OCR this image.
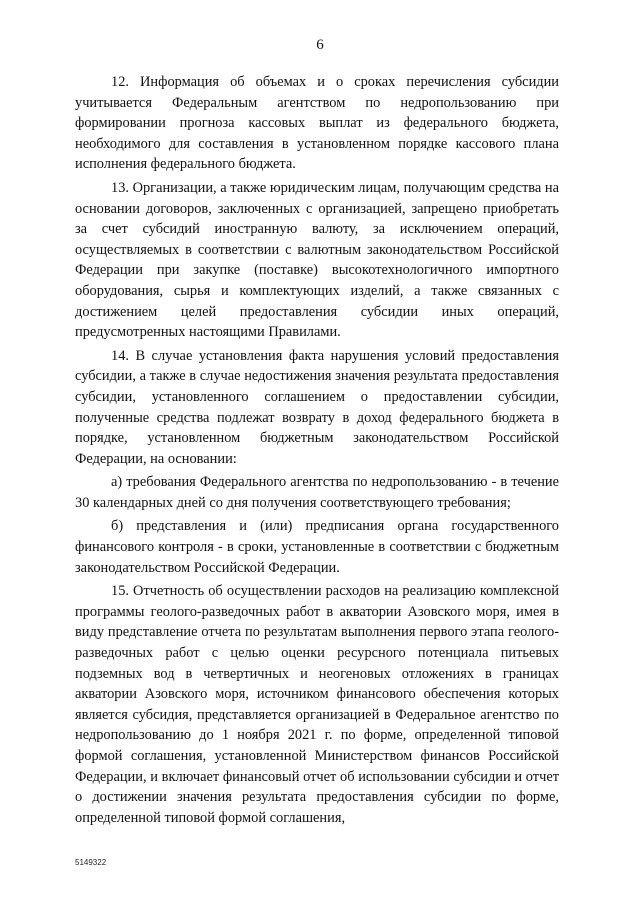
6

12. Информация об объемах и о сроках перечисления субсидии учитывается Федеральным агентством по недропользованию при формировании прогноза кассовых выплат из федерального бюджета, необходимого для составления в установленном порядке кассового плана исполнения федерального бюджета.

13. Организации, а также юридическим лицам, получающим средства на основании договоров, заключенных с организацией, запрещено приобретать за счет субсидий иностранную валюту, за исключением операций, осуществляемых в соответствии с валютным законодательством Российской Федерации при закупке (поставке) высокотехнологичного импортного оборудования, сырья и комплектующих изделий, а также связанных с достижением целей предоставления субсидии иных операций, предусмотренных настоящими Правилами.

14. В случае установления факта нарушения условий предоставления субсидии, а также в случае недостижения значения результата предоставления субсидии, установленного соглашением о предоставлении субсидии, полученные средства подлежат возврату в доход федерального бюджета в порядке, установленном бюджетным законодательством Российской Федерации, на основании:

а) требования Федерального агентства по недропользованию - в течение 30 календарных дней со дня получения соответствующего требования;

б) представления и (или) предписания органа государственного финансового контроля - в сроки, установленные в соответствии с бюджетным законодательством Российской Федерации.

15. Отчетность об осуществлении расходов на реализацию комплексной программы геолого-разведочных работ в акватории Азовского моря, имея в виду представление отчета по результатам выполнения первого этапа геолого-разведочных работ с целью оценки ресурсного потенциала питьевых подземных вод в четвертичных и неогеновых отложениях в границах акватории Азовского моря, источником финансового обеспечения которых является субсидия, представляется организацией в Федеральное агентство по недропользованию до 1 ноября 2021 г. по форме, определенной типовой формой соглашения, установленной Министерством финансов Российской Федерации, и включает финансовый отчет об использовании субсидии и отчет о достижении значения результата предоставления субсидии по форме, определенной типовой формой соглашения,

5149322
